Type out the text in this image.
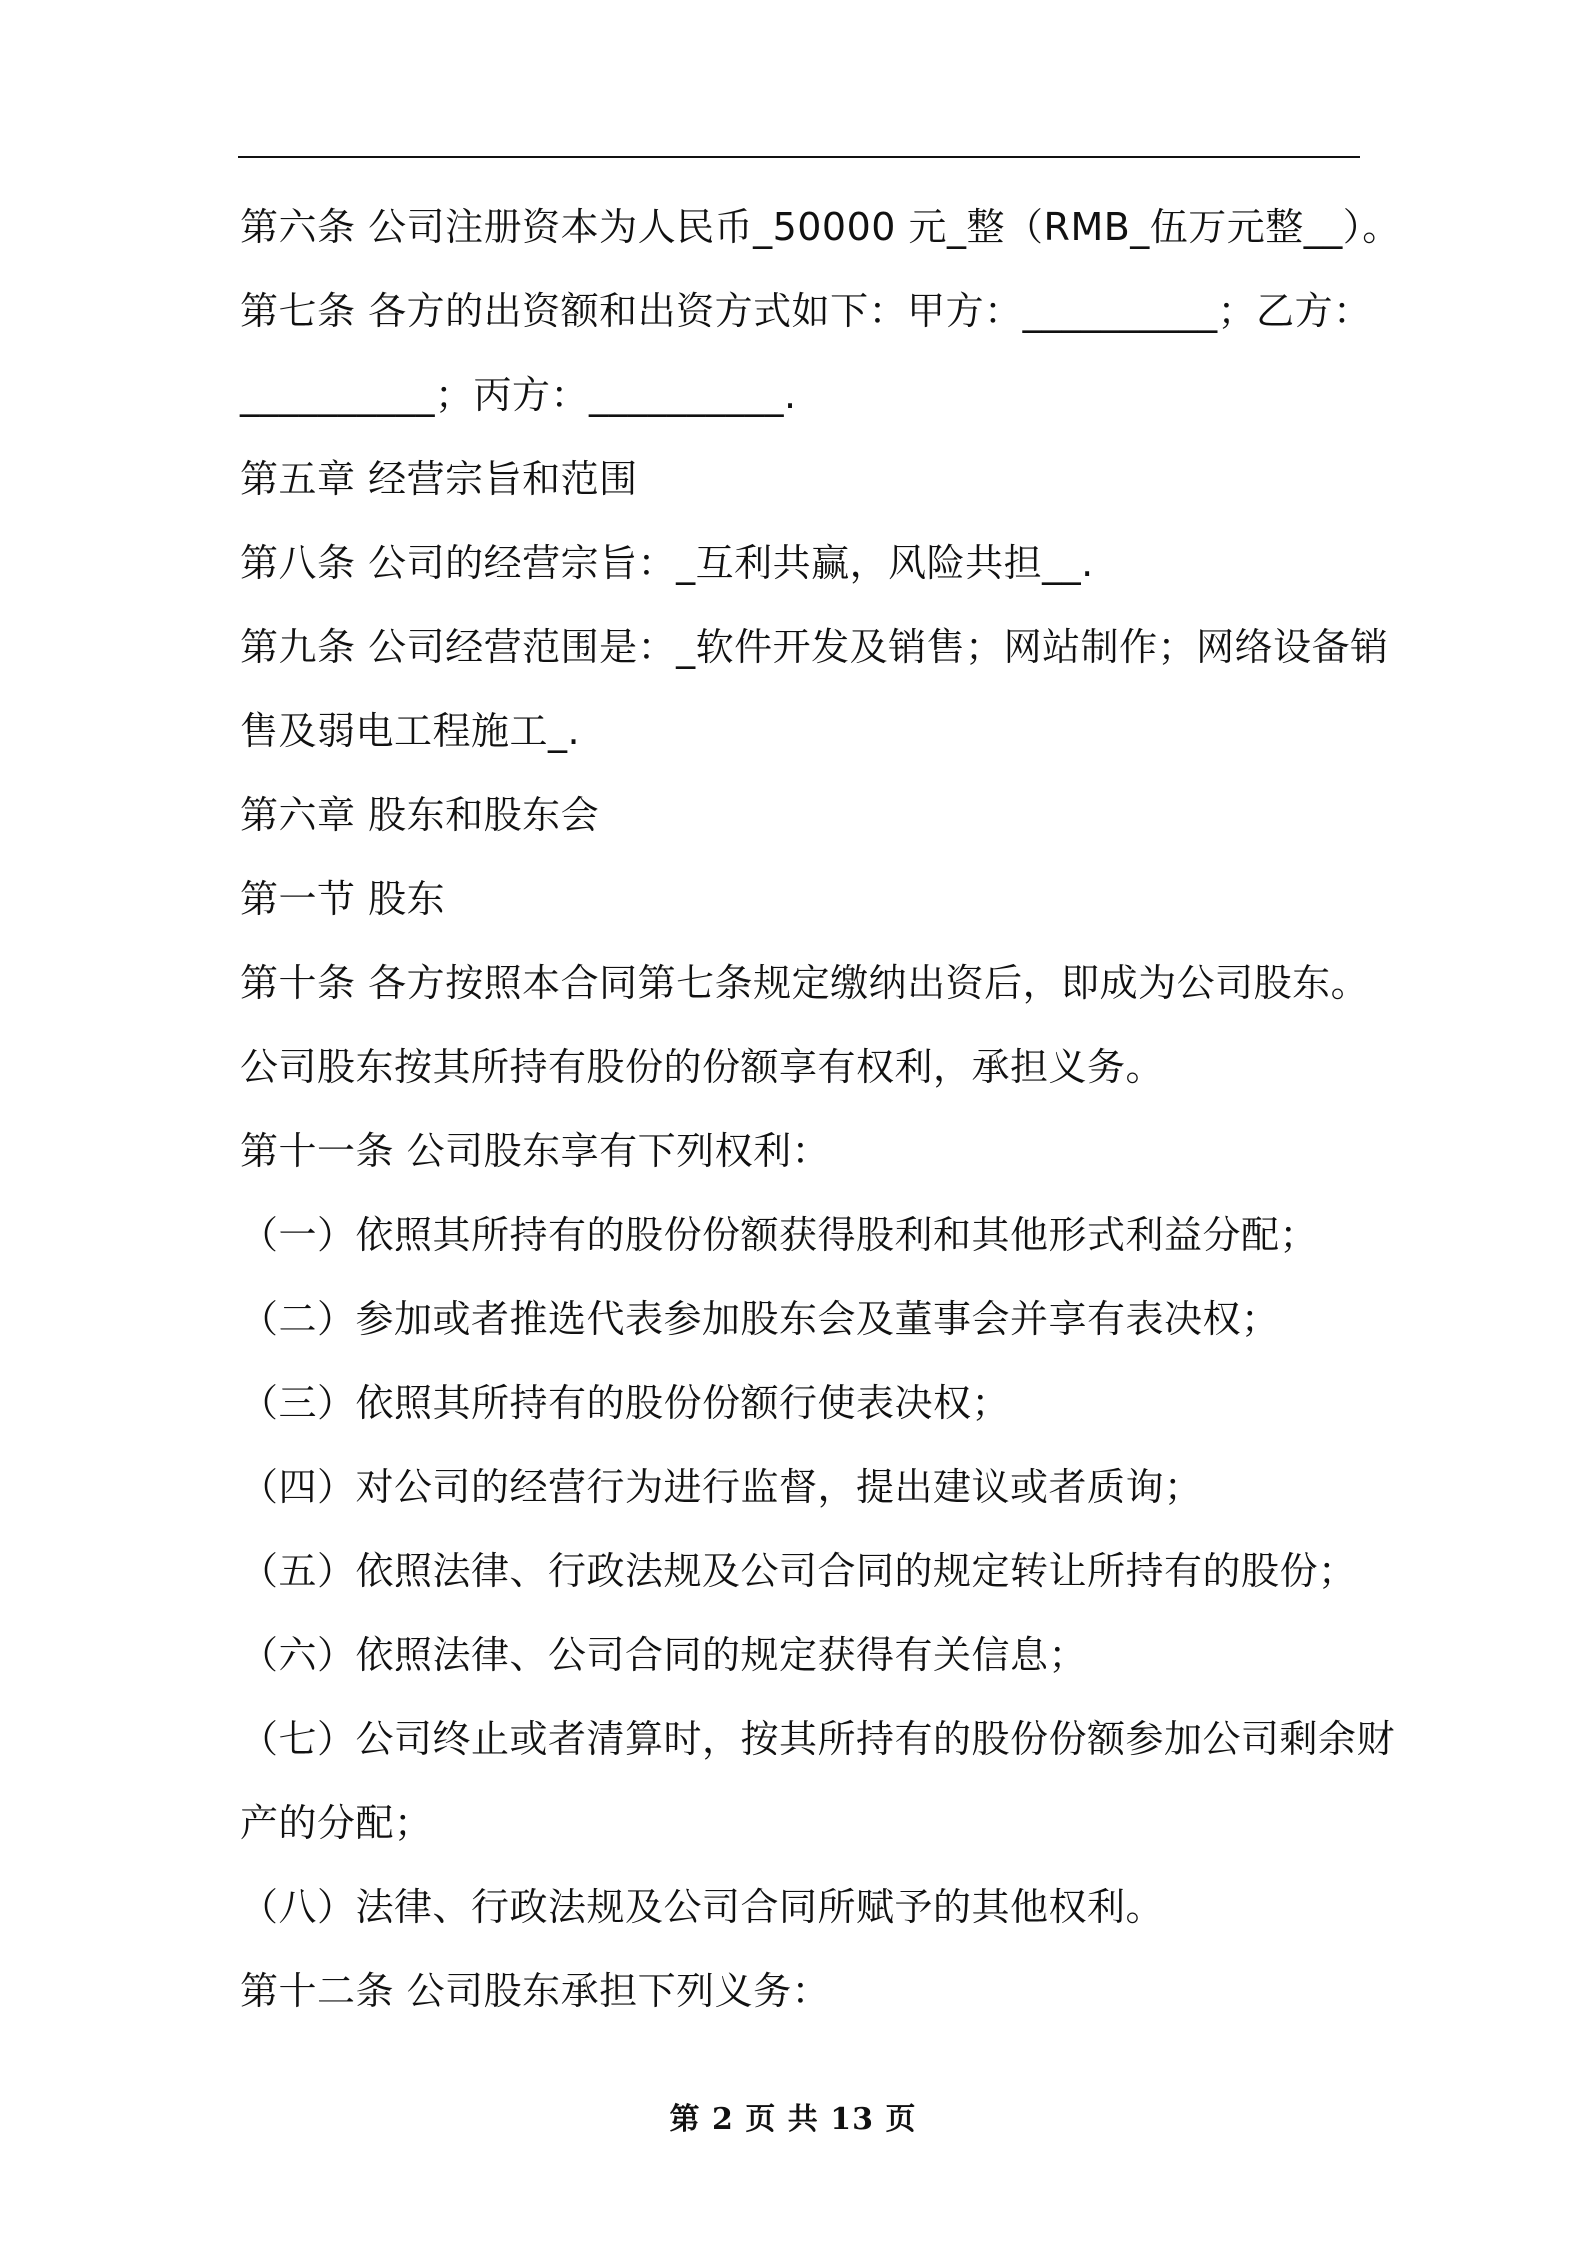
第六条 公司注册资本为人民币_50000 元_整（RMB_伍万元整__）。
第七条 各方的出资额和出资方式如下：甲方：__________；乙方：
__________；丙方：__________.
第五章 经营宗旨和范围
第八条 公司的经营宗旨：_互利共赢，风险共担__.
第九条 公司经营范围是：_软件开发及销售；网站制作；网络设备销
售及弱电工程施工_.
第六章 股东和股东会
第一节 股东
第十条 各方按照本合同第七条规定缴纳出资后，即成为公司股东。
公司股东按其所持有股份的份额享有权利，承担义务。
第十一条 公司股东享有下列权利：
（一）依照其所持有的股份份额获得股利和其他形式利益分配；
（二）参加或者推选代表参加股东会及董事会并享有表决权；
（三）依照其所持有的股份份额行使表决权；
（四）对公司的经营行为进行监督，提出建议或者质询；
（五）依照法律、行政法规及公司合同的规定转让所持有的股份；
（六）依照法律、公司合同的规定获得有关信息；
（七）公司终止或者清算时，按其所持有的股份份额参加公司剩余财
产的分配；
（八）法律、行政法规及公司合同所赋予的其他权利。
第十二条 公司股东承担下列义务：
第 2 页 共 13 页
